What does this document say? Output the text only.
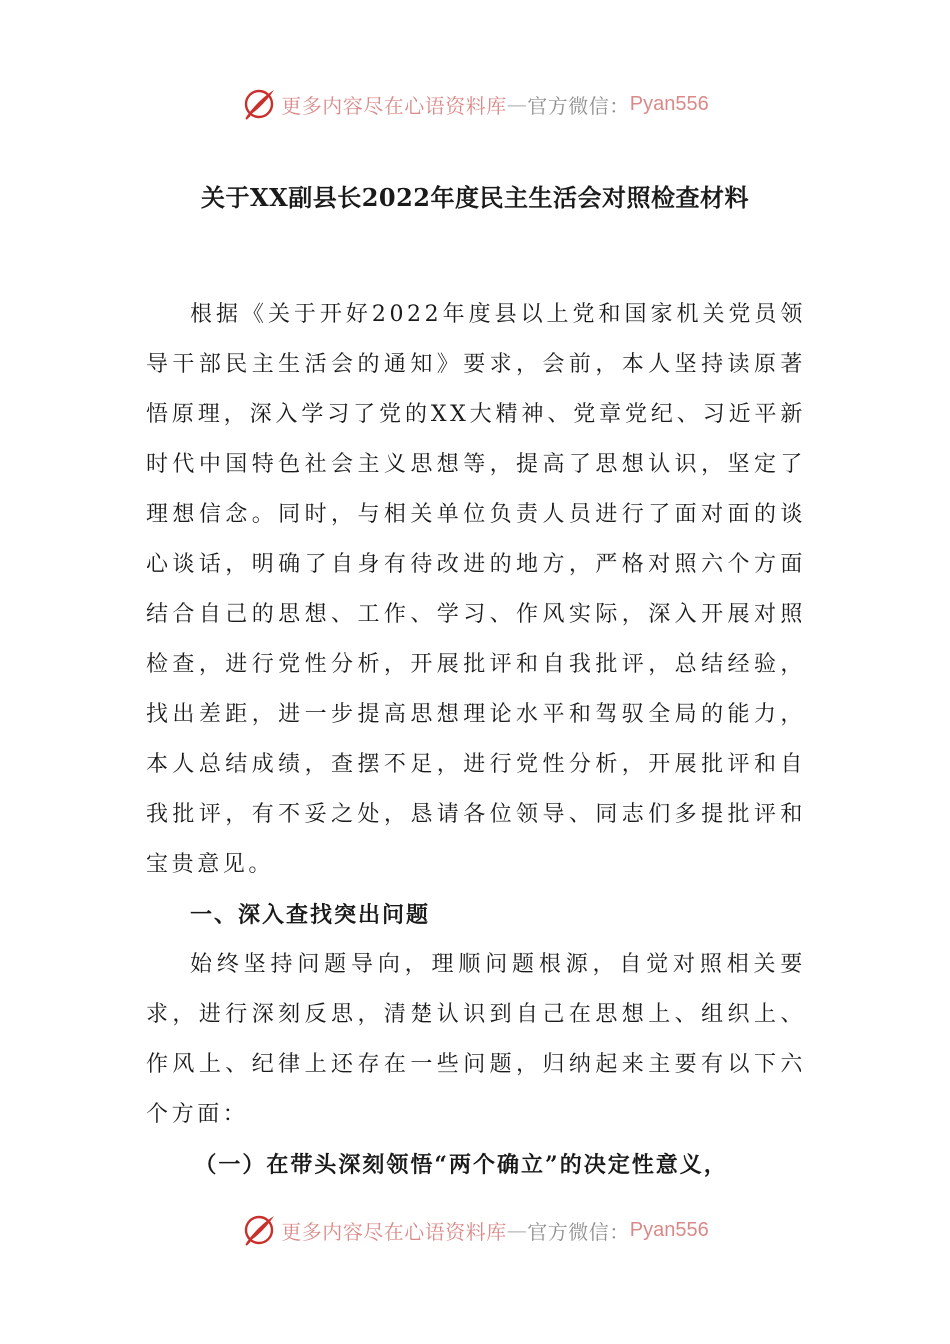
更多内容尽在心语资料库 — 官方微信： Pyan556
关于XX副县长2022年度民主生活会对照检查材料

根据《关于开好2022年度县以上党和国家机关党员领导干部民主生活会的通知》要求，会前，本人坚持读原著悟原理，深入学习了党的XX大精神、党章党纪、习近平新时代中国特色社会主义思想等，提高了思想认识，坚定了理想信念。同时，与相关单位负责人员进行了面对面的谈心谈话，明确了自身有待改进的地方，严格对照六个方面结合自己的思想、工作、学习、作风实际，深入开展对照检查，进行党性分析，开展批评和自我批评，总结经验，找出差距，进一步提高思想理论水平和驾驭全局的能力，本人总结成绩，查摆不足，进行党性分析，开展批评和自我批评，有不妥之处，恳请各位领导、同志们多提批评和宝贵意见。

一、深入查找突出问题

始终坚持问题导向，理顺问题根源，自觉对照相关要求，进行深刻反思，清楚认识到自己在思想上、组织上、作风上、纪律上还存在一些问题，归纳起来主要有以下六个方面：

（一）在带头深刻领悟“两个确立”的决定性意义，

更多内容尽在心语资料库 — 官方微信： Pyan556
